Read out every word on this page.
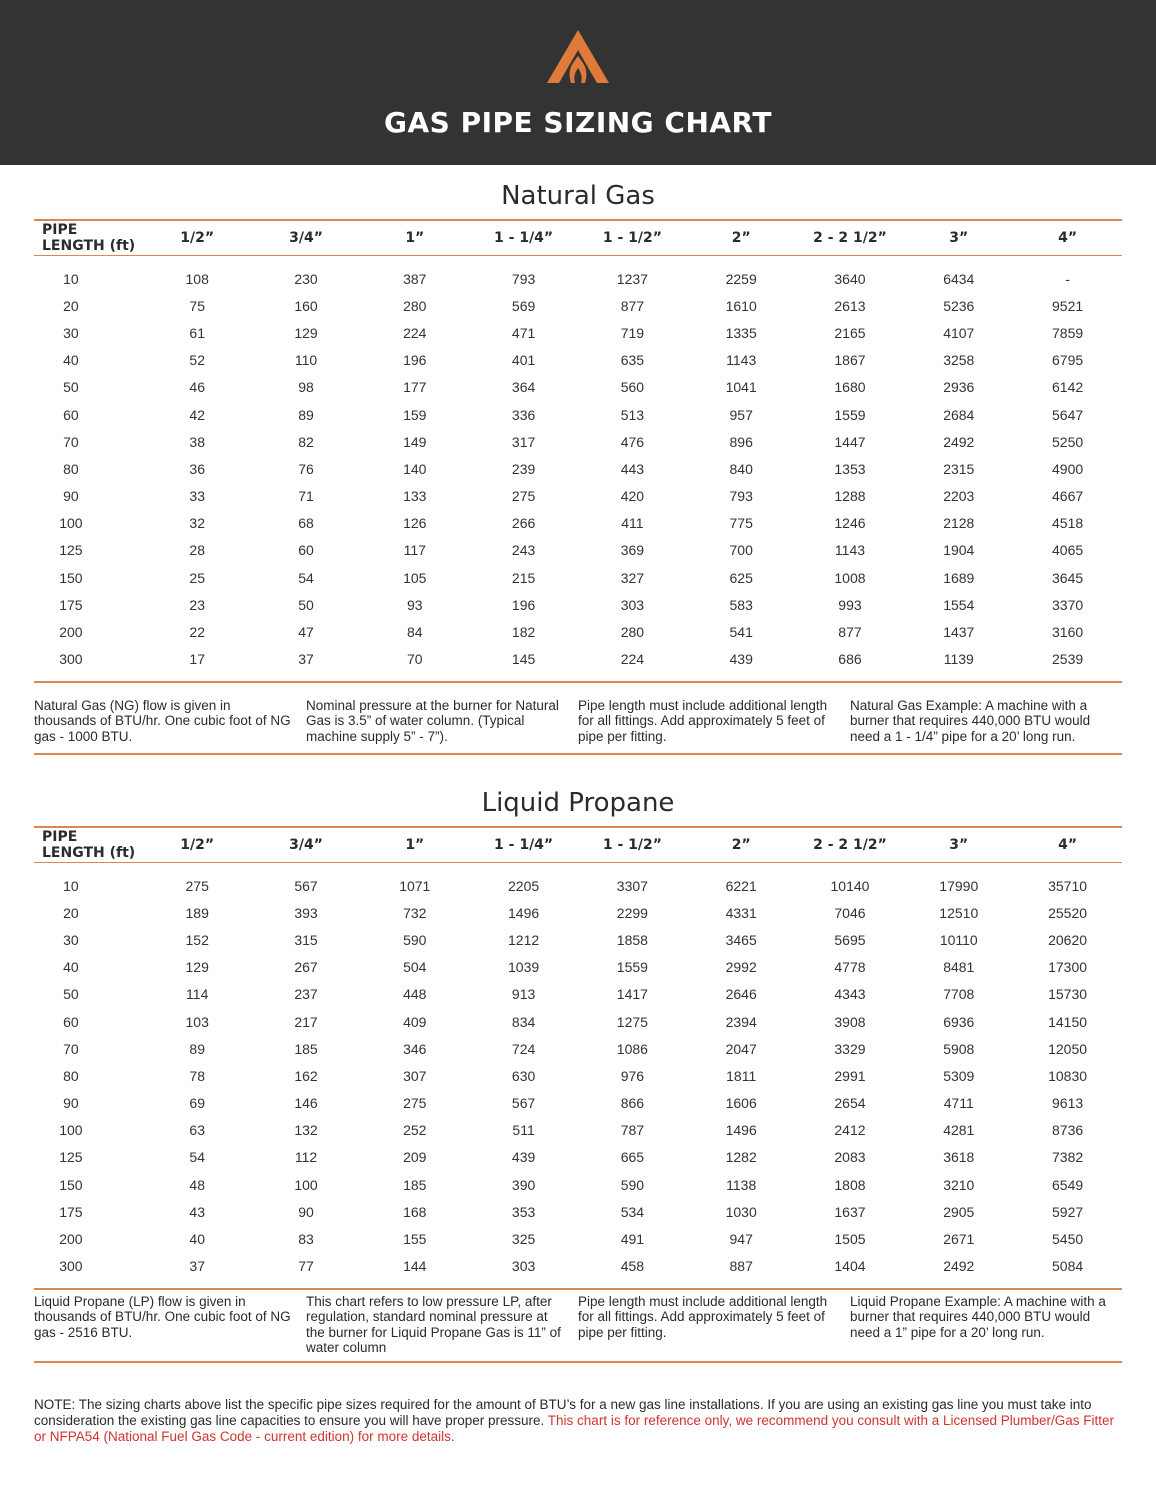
GAS PIPE SIZING CHART
Natural Gas
PIPE LENGTH (ft)	1/2”	3/4”	1”	1 - 1/4”	1 - 1/2”	2”	2 - 2 1/2”	3”	4”
10	108	230	387	793	1237	2259	3640	6434	-
20	75	160	280	569	877	1610	2613	5236	9521
30	61	129	224	471	719	1335	2165	4107	7859
40	52	110	196	401	635	1143	1867	3258	6795
50	46	98	177	364	560	1041	1680	2936	6142
60	42	89	159	336	513	957	1559	2684	5647
70	38	82	149	317	476	896	1447	2492	5250
80	36	76	140	239	443	840	1353	2315	4900
90	33	71	133	275	420	793	1288	2203	4667
100	32	68	126	266	411	775	1246	2128	4518
125	28	60	117	243	369	700	1143	1904	4065
150	25	54	105	215	327	625	1008	1689	3645
175	23	50	93	196	303	583	993	1554	3370
200	22	47	84	182	280	541	877	1437	3160
300	17	37	70	145	224	439	686	1139	2539
Natural Gas (NG) flow is given in thousands of BTU/hr. One cubic foot of NG gas - 1000 BTU.
Nominal pressure at the burner for Natural Gas is 3.5” of water column. (Typical machine supply 5” - 7”).
Pipe length must include additional length for all fittings. Add approximately 5 feet of pipe per fitting.
Natural Gas Example: A machine with a burner that requires 440,000 BTU would need a 1 - 1/4” pipe for a 20’ long run.
Liquid Propane
PIPE LENGTH (ft)	1/2”	3/4”	1”	1 - 1/4”	1 - 1/2”	2”	2 - 2 1/2”	3”	4”
10	275	567	1071	2205	3307	6221	10140	17990	35710
20	189	393	732	1496	2299	4331	7046	12510	25520
30	152	315	590	1212	1858	3465	5695	10110	20620
40	129	267	504	1039	1559	2992	4778	8481	17300
50	114	237	448	913	1417	2646	4343	7708	15730
60	103	217	409	834	1275	2394	3908	6936	14150
70	89	185	346	724	1086	2047	3329	5908	12050
80	78	162	307	630	976	1811	2991	5309	10830
90	69	146	275	567	866	1606	2654	4711	9613
100	63	132	252	511	787	1496	2412	4281	8736
125	54	112	209	439	665	1282	2083	3618	7382
150	48	100	185	390	590	1138	1808	3210	6549
175	43	90	168	353	534	1030	1637	2905	5927
200	40	83	155	325	491	947	1505	2671	5450
300	37	77	144	303	458	887	1404	2492	5084
Liquid Propane (LP) flow is given in thousands of BTU/hr. One cubic foot of NG gas - 2516 BTU.
This chart refers to low pressure LP, after regulation, standard nominal pressure at the burner for Liquid Propane Gas is 11” of water column
Pipe length must include additional length for all fittings. Add approximately 5 feet of pipe per fitting.
Liquid Propane Example: A machine with a burner that requires 440,000 BTU would need a 1” pipe for a 20’ long run.
NOTE: The sizing charts above list the specific pipe sizes required for the amount of BTU’s for a new gas line installations. If you are using an existing gas line you must take into consideration the existing gas line capacities to ensure you will have proper pressure. This chart is for reference only, we recommend you consult with a Licensed Plumber/Gas Fitter or NFPA54 (National Fuel Gas Code - current edition) for more details.
